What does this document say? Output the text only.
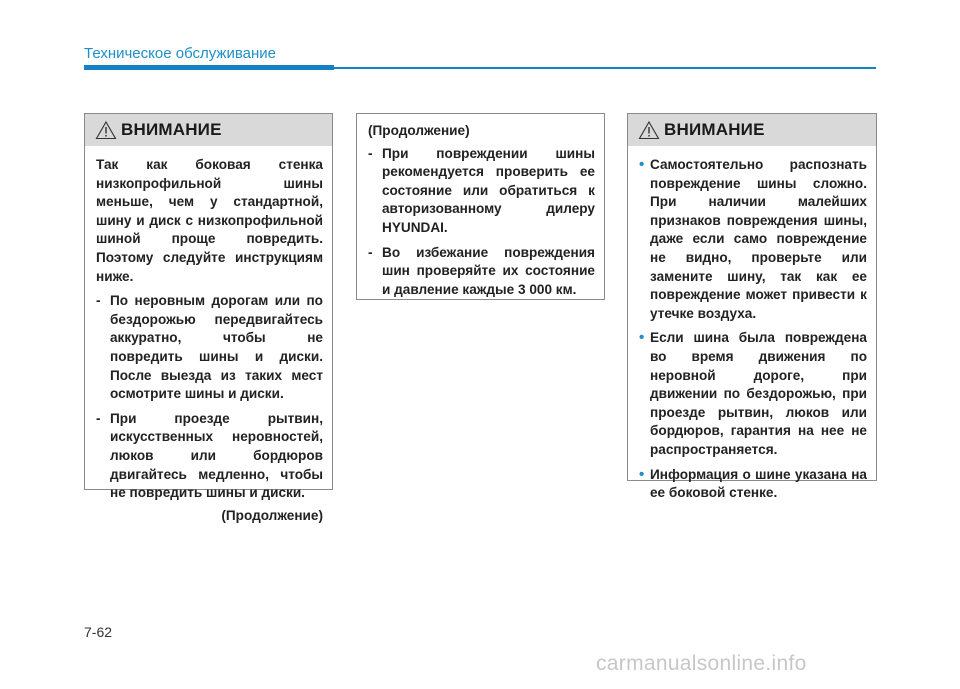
Техническое обслуживание
ВНИМАНИЕ

Так как боковая стенка низкопрофильной шины меньше, чем у стандартной, шину и диск с низкопрофильной шиной проще повредить. Поэтому следуйте инструкциям ниже.

- По неровным дорогам или по бездорожью передвигайтесь аккуратно, чтобы не повредить шины и диски. После выезда из таких мест осмотрите шины и диски.
- При проезде рытвин, искусственных неровностей, люков или бордюров двигайтесь медленно, чтобы не повредить шины и диски.
(Продолжение)
(Продолжение)
- При повреждении шины рекомендуется проверить ее состояние или обратиться к авторизованному дилеру HYUNDAI.
- Во избежание повреждения шин проверяйте их состояние и давление каждые 3 000 км.
ВНИМАНИЕ
• Самостоятельно распознать повреждение шины сложно. При наличии малейших признаков повреждения шины, даже если само повреждение не видно, проверьте или замените шину, так как ее повреждение может привести к утечке воздуха.
• Если шина была повреждена во время движения по неровной дороге, при движении по бездорожью, при проезде рытвин, люков или бордюров, гарантия на нее не распространяется.
• Информация о шине указана на ее боковой стенке.
7-62
carmanualsonline.info
